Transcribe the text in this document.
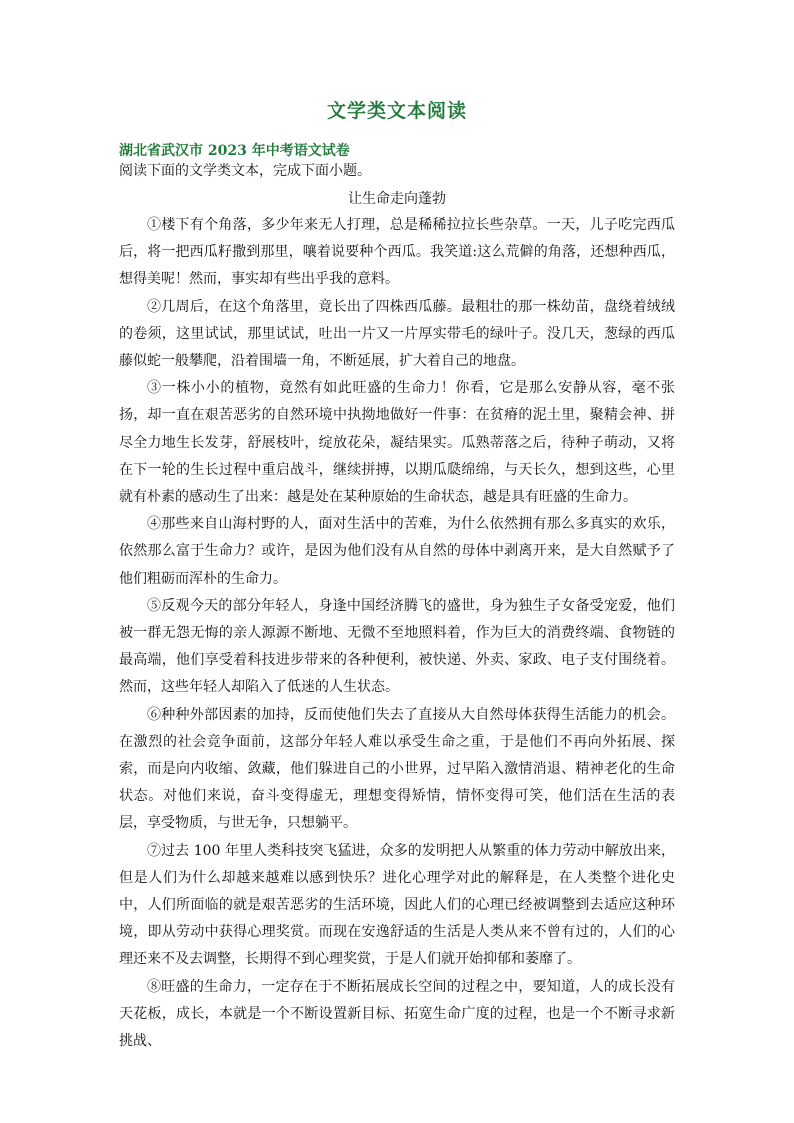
文学类文本阅读
湖北省武汉市 2023 年中考语文试卷
阅读下面的文学类文本，完成下面小题。
让生命走向蓬勃

①楼下有个角落，多少年来无人打理，总是稀稀拉拉长些杂草。一天，儿子吃完西瓜后，将一把西瓜籽撒到那里，嚷着说要种个西瓜。我笑道:这么荒僻的角落，还想种西瓜，想得美呢！然而，事实却有些出乎我的意料。

②几周后，在这个角落里，竟长出了四株西瓜藤。最粗壮的那一株幼苗，盘绕着绒绒的卷须，这里试试，那里试试，吐出一片又一片厚实带毛的绿叶子。没几天，葱绿的西瓜藤似蛇一般攀爬，沿着围墙一角，不断延展，扩大着自己的地盘。

③一株小小的植物，竟然有如此旺盛的生命力！你看，它是那么安静从容，毫不张扬，却一直在艰苦恶劣的自然环境中执拗地做好一件事：在贫瘠的泥土里，聚精会神、拼尽全力地生长发芽，舒展枝叶，绽放花朵，凝结果实。瓜熟蒂落之后，待种子萌动，又将在下一轮的生长过程中重启战斗，继续拼搏，以期瓜瓞绵绵，与天长久，想到这些，心里就有朴素的感动生了出来：越是处在某种原始的生命状态，越是具有旺盛的生命力。

④那些来自山海村野的人，面对生活中的苦难，为什么依然拥有那么多真实的欢乐，依然那么富于生命力？或许，是因为他们没有从自然的母体中剥离开来，是大自然赋予了他们粗砺而浑朴的生命力。

⑤反观今天的部分年轻人，身逢中国经济腾飞的盛世，身为独生子女备受宠爱，他们被一群无怨无悔的亲人源源不断地、无微不至地照料着，作为巨大的消费终端、食物链的最高端，他们享受着科技进步带来的各种便利，被快递、外卖、家政、电子支付围绕着。然而，这些年轻人却陷入了低迷的人生状态。

⑥种种外部因素的加持，反而使他们失去了直接从大自然母体获得生活能力的机会。在激烈的社会竞争面前，这部分年轻人难以承受生命之重，于是他们不再向外拓展、探索，而是向内收缩、敛藏，他们躲进自己的小世界，过早陷入激情消退、精神老化的生命状态。对他们来说，奋斗变得虚无，理想变得矫情，情怀变得可笑，他们活在生活的表层，享受物质，与世无争，只想躺平。

⑦过去 100 年里人类科技突飞猛进，众多的发明把人从繁重的体力劳动中解放出来，但是人们为什么却越来越难以感到快乐？进化心理学对此的解释是，在人类整个进化史中，人们所面临的就是艰苦恶劣的生活环境，因此人们的心理已经被调整到去适应这种环境，即从劳动中获得心理奖赏。而现在安逸舒适的生活是人类从来不曾有过的，人们的心理还来不及去调整，长期得不到心理奖赏，于是人们就开始抑郁和萎靡了。

⑧旺盛的生命力，一定存在于不断拓展成长空间的过程之中，要知道，人的成长没有天花板，成长，本就是一个不断设置新目标、拓宽生命广度的过程，也是一个不断寻求新挑战、
